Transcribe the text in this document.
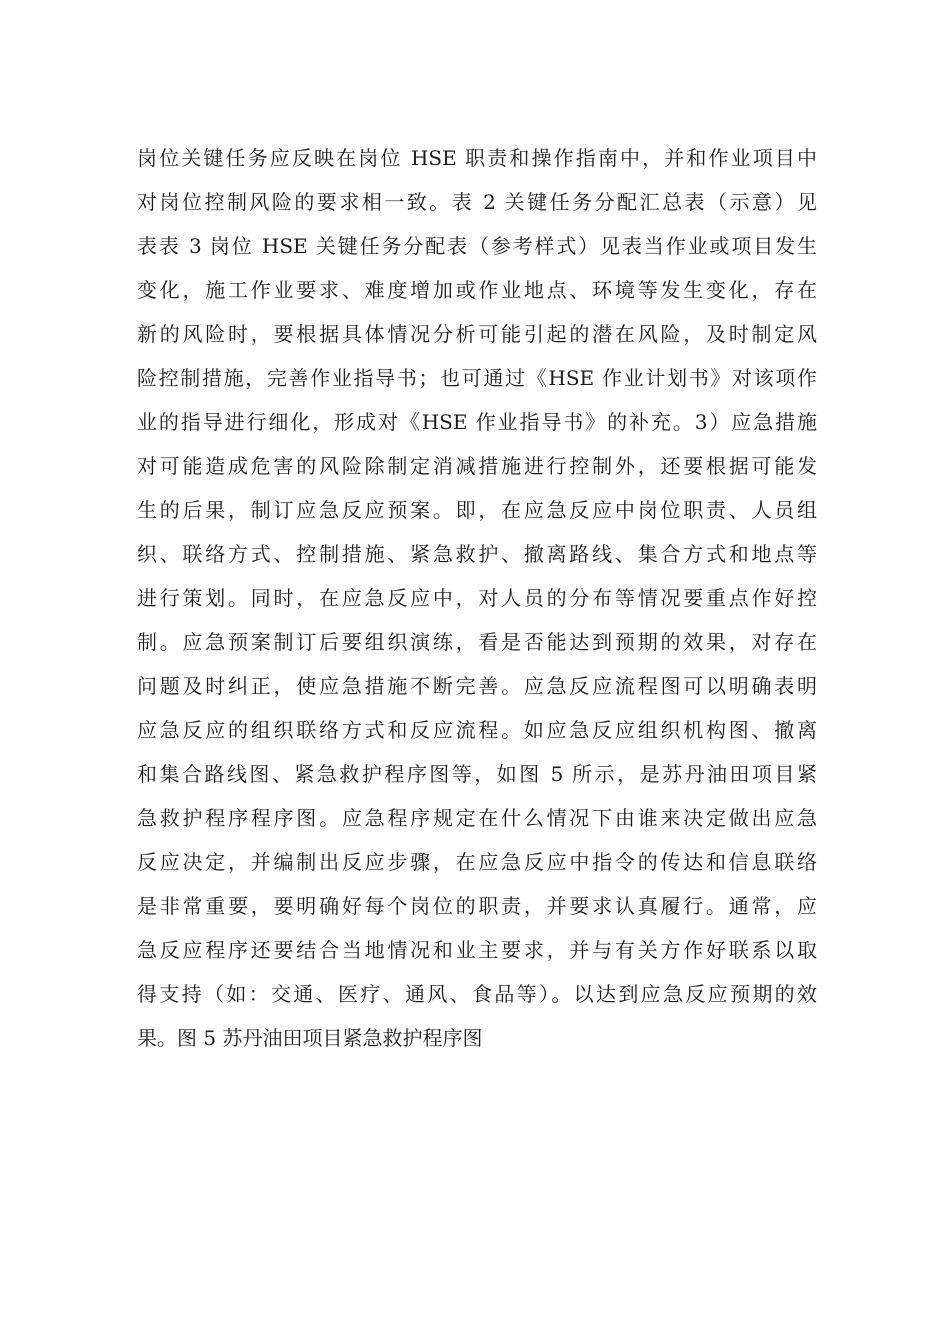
岗位关键任务应反映在岗位 HSE 职责和操作指南中，并和作业项目中
对岗位控制风险的要求相一致。表 2 关键任务分配汇总表（示意）见
表表 3 岗位 HSE 关键任务分配表（参考样式）见表当作业或项目发生
变化，施工作业要求、难度增加或作业地点、环境等发生变化，存在
新的风险时，要根据具体情况分析可能引起的潜在风险，及时制定风
险控制措施，完善作业指导书；也可通过《HSE 作业计划书》对该项作
业的指导进行细化，形成对《HSE 作业指导书》的补充。3）应急措施
对可能造成危害的风险除制定消减措施进行控制外，还要根据可能发
生的后果，制订应急反应预案。即，在应急反应中岗位职责、人员组
织、联络方式、控制措施、紧急救护、撤离路线、集合方式和地点等
进行策划。同时，在应急反应中，对人员的分布等情况要重点作好控
制。应急预案制订后要组织演练，看是否能达到预期的效果，对存在
问题及时纠正，使应急措施不断完善。应急反应流程图可以明确表明
应急反应的组织联络方式和反应流程。如应急反应组织机构图、撤离
和集合路线图、紧急救护程序图等，如图 5 所示，是苏丹油田项目紧
急救护程序程序图。应急程序规定在什么情况下由谁来决定做出应急
反应决定，并编制出反应步骤，在应急反应中指令的传达和信息联络
是非常重要，要明确好每个岗位的职责，并要求认真履行。通常，应
急反应程序还要结合当地情况和业主要求，并与有关方作好联系以取
得支持（如：交通、医疗、通风、食品等）。以达到应急反应预期的效
果。图 5 苏丹油田项目紧急救护程序图
